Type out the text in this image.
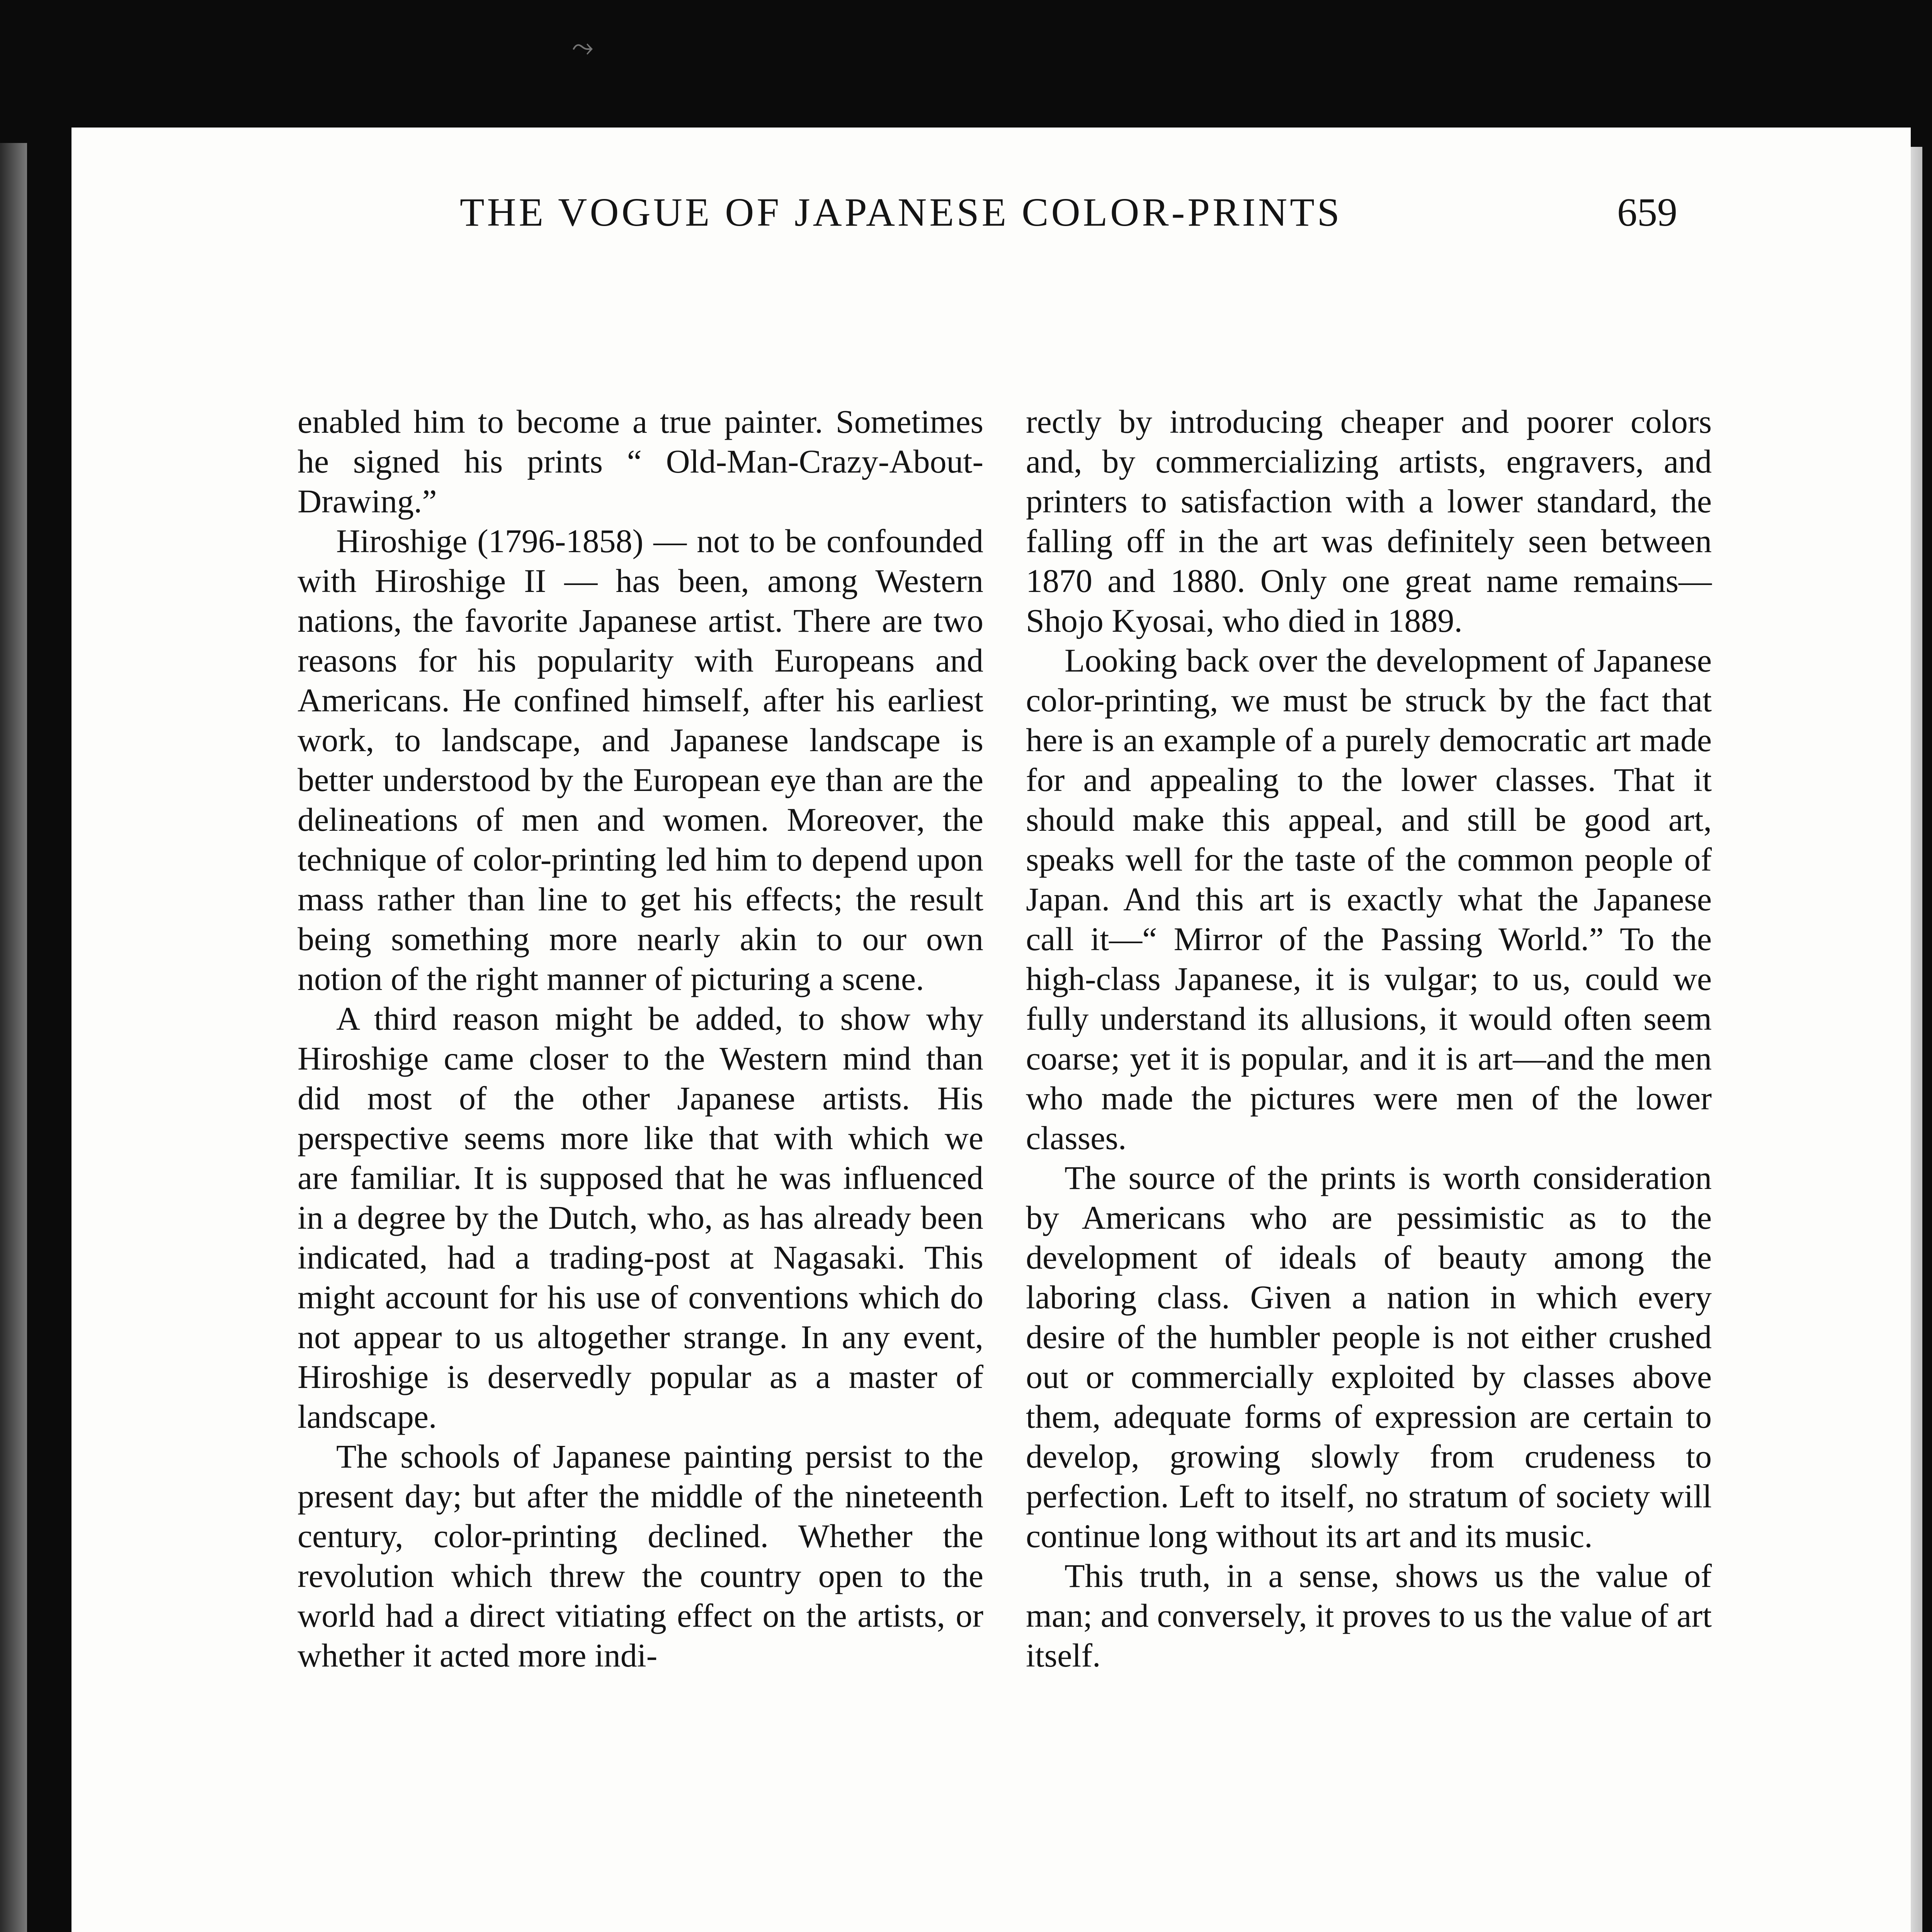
⤳
THE VOGUE OF JAPANESE COLOR-PRINTS	659

enabled him to become a true painter. Sometimes he signed his prints “ Old-Man-Crazy-About-Drawing.”

Hiroshige (1796-1858) — not to be confounded with Hiroshige II — has been, among Western nations, the favorite Japanese artist. There are two reasons for his popularity with Europeans and Americans. He confined himself, after his earliest work, to landscape, and Japanese landscape is better understood by the European eye than are the delineations of men and women. Moreover, the technique of color-printing led him to depend upon mass rather than line to get his effects; the result being something more nearly akin to our own notion of the right manner of picturing a scene.

A third reason might be added, to show why Hiroshige came closer to the Western mind than did most of the other Japanese artists. His perspective seems more like that with which we are familiar. It is supposed that he was influenced in a degree by the Dutch, who, as has already been indicated, had a trading-post at Nagasaki. This might account for his use of conventions which do not appear to us altogether strange. In any event, Hiroshige is deservedly popular as a master of landscape.

The schools of Japanese painting persist to the present day; but after the middle of the nineteenth century, color-printing declined. Whether the revolution which threw the country open to the world had a direct vitiating effect on the artists, or whether it acted more indi-

rectly by introducing cheaper and poorer colors and, by commercializing artists, engravers, and printers to satisfaction with a lower standard, the falling off in the art was definitely seen between 1870 and 1880. Only one great name remains—Shojo Kyosai, who died in 1889.

Looking back over the development of Japanese color-printing, we must be struck by the fact that here is an example of a purely democratic art made for and appealing to the lower classes. That it should make this appeal, and still be good art, speaks well for the taste of the common people of Japan. And this art is exactly what the Japanese call it—“ Mirror of the Passing World.” To the high-class Japanese, it is vulgar; to us, could we fully understand its allusions, it would often seem coarse; yet it is popular, and it is art—and the men who made the pictures were men of the lower classes.

The source of the prints is worth consideration by Americans who are pessimistic as to the development of ideals of beauty among the laboring class. Given a nation in which every desire of the humbler people is not either crushed out or commercially exploited by classes above them, adequate forms of expression are certain to develop, growing slowly from crudeness to perfection. Left to itself, no stratum of society will continue long without its art and its music.

This truth, in a sense, shows us the value of man; and conversely, it proves to us the value of art itself.
